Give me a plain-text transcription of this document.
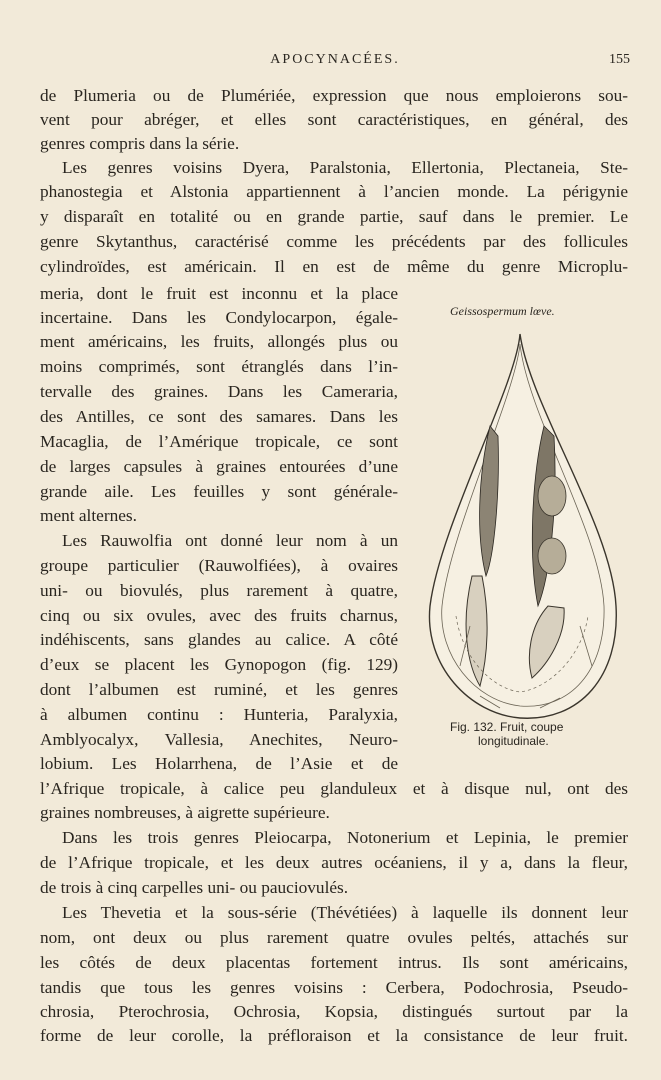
APOCYNACÉES.	155
de Plumeria ou de Plumériée, expression que nous emploierons sou-
vent pour abréger, et elles sont caractéristiques, en général, des
genres compris dans la série.
Les genres voisins Dyera, Paralstonia, Ellertonia, Plectaneia, Ste-
phanostegia et Alstonia appartiennent à l’ancien monde. La périgynie
y disparaît en totalité ou en grande partie, sauf dans le premier. Le
genre Skytanthus, caractérisé comme les précédents par des follicules
cylindroïdes, est américain. Il en est de même du genre Microplu-
meria, dont le fruit est inconnu et la place
incertaine. Dans les Condylocarpon, égale-
ment américains, les fruits, allongés plus ou
moins comprimés, sont étranglés dans l’in-
tervalle des graines. Dans les Cameraria,
des Antilles, ce sont des samares. Dans les
Macaglia, de l’Amérique tropicale, ce sont
de larges capsules à graines entourées d’une
grande aile. Les feuilles y sont générale-
ment alternes.
Les Rauwolfia ont donné leur nom à un
groupe particulier (Rauwolfiées), à ovaires
uni- ou biovulés, plus rarement à quatre,
cinq ou six ovules, avec des fruits charnus,
indéhiscents, sans glandes au calice. A côté
d’eux se placent les Gynopogon (fig. 129)
dont l’albumen est ruminé, et les genres
à albumen continu : Hunteria, Paralyxia,
Amblyocalyx, Vallesia, Anechites, Neuro-
lobium. Les Holarrhena, de l’Asie et de
l’Afrique tropicale, à calice peu glanduleux et à disque nul, ont des
graines nombreuses, à aigrette supérieure.
Dans les trois genres Pleiocarpa, Notonerium et Lepinia, le premier
de l’Afrique tropicale, et les deux autres océaniens, il y a, dans la fleur,
de trois à cinq carpelles uni- ou pauciovulés.
Les Thevetia et la sous-série (Thévétiées) à laquelle ils donnent leur
nom, ont deux ou plus rarement quatre ovules peltés, attachés sur
les côtés de deux placentas fortement intrus. Ils sont américains,
tandis que tous les genres voisins : Cerbera, Podochrosia, Pseudo-
chrosia, Pterochrosia, Ochrosia, Kopsia, distingués surtout par la
forme de leur corolle, la préfloraison et la consistance de leur fruit.
Geissospermum lœve.
Fig. 132. Fruit, coupe
longitudinale.
